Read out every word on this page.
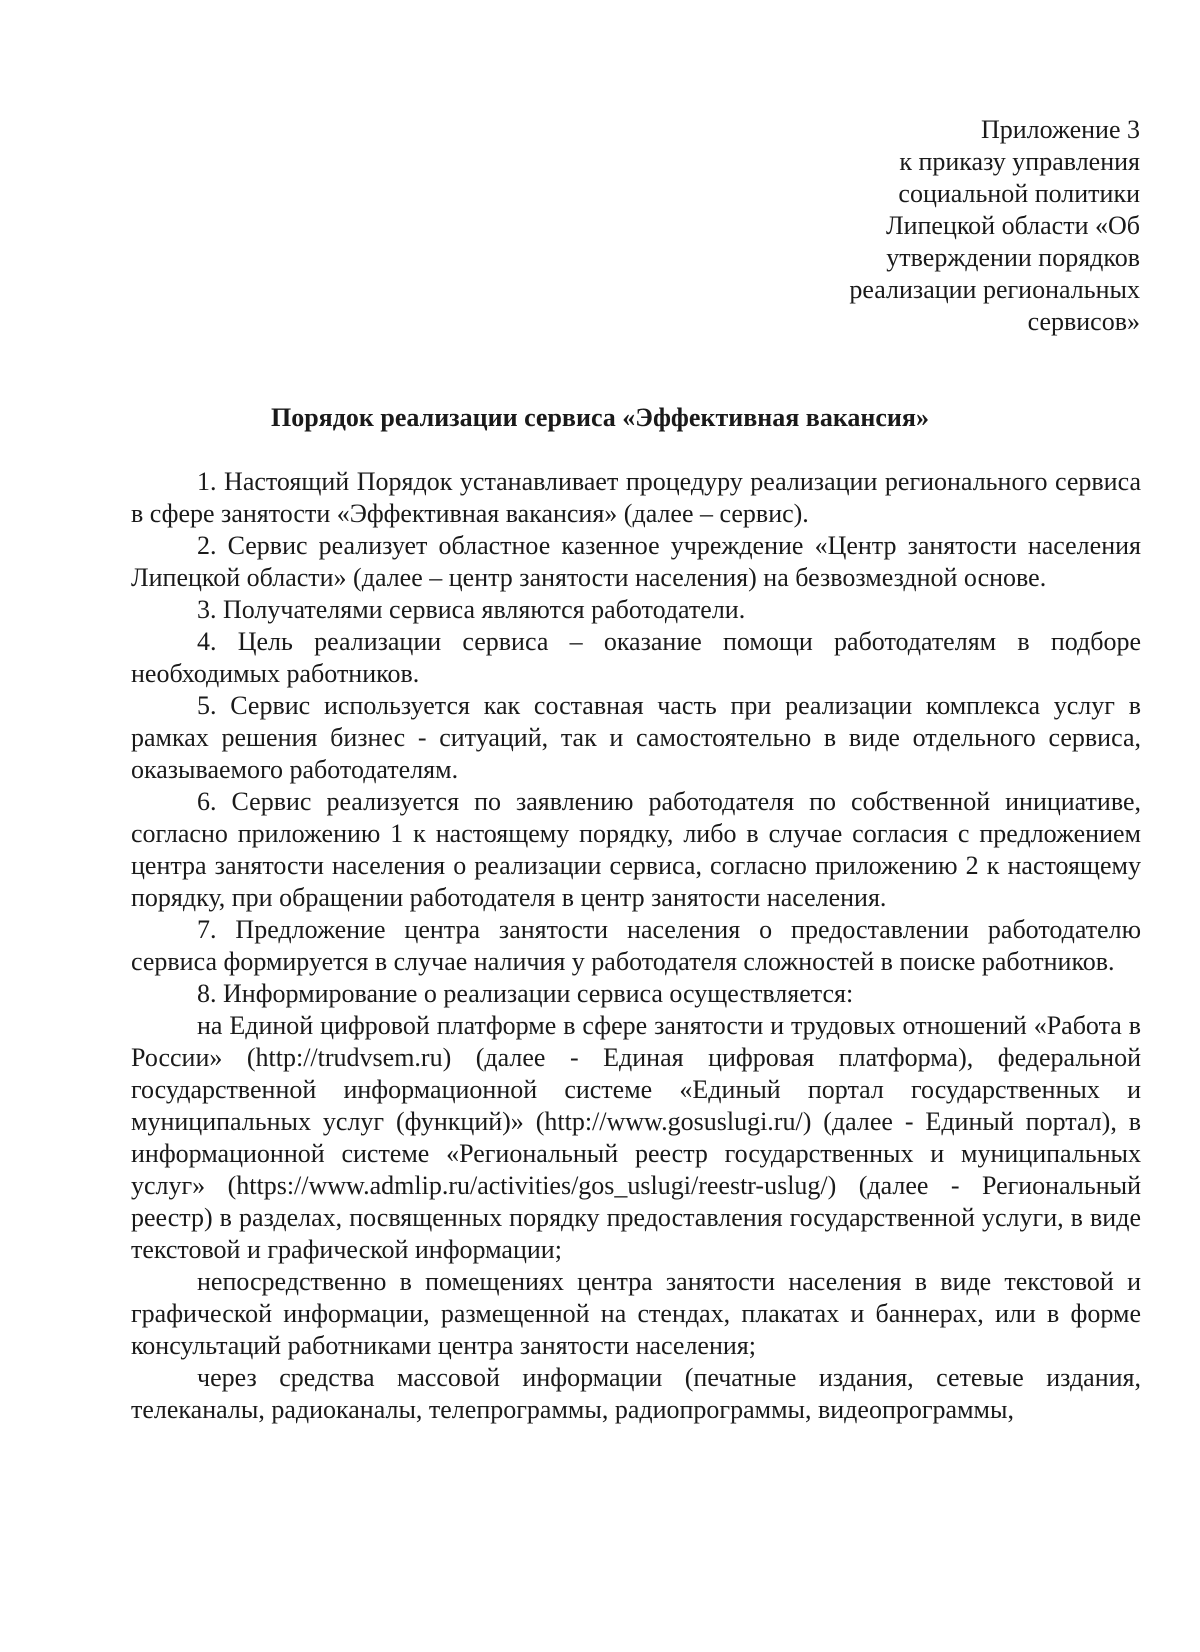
Приложение 3
к приказу управления
социальной политики
Липецкой области «Об
утверждении порядков
реализации региональных
сервисов»
Порядок реализации сервиса «Эффективная вакансия»

1. Настоящий Порядок устанавливает процедуру реализации регионального сервиса в сфере занятости «Эффективная вакансия» (далее – сервис).

2. Сервис реализует областное казенное учреждение «Центр занятости населения Липецкой области» (далее – центр занятости населения) на безвозмездной основе.

3. Получателями сервиса являются работодатели.

4. Цель реализации сервиса – оказание помощи работодателям в подборе необходимых работников.

5. Сервис используется как составная часть при реализации комплекса услуг в рамках решения бизнес - ситуаций, так и самостоятельно в виде отдельного сервиса, оказываемого работодателям.

6. Сервис реализуется по заявлению работодателя по собственной инициативе, согласно приложению 1 к настоящему порядку, либо в случае согласия с предложением центра занятости населения о реализации сервиса, согласно приложению 2 к настоящему порядку, при обращении работодателя в центр занятости населения.

7. Предложение центра занятости населения о предоставлении работодателю сервиса формируется в случае наличия у работодателя сложностей в поиске работников.

8. Информирование о реализации сервиса осуществляется:

на Единой цифровой платформе в сфере занятости и трудовых отношений «Работа в России» (http://trudvsem.ru) (далее - Единая цифровая платформа), федеральной государственной информационной системе «Единый портал государственных и муниципальных услуг (функций)» (http://www.gosuslugi.ru/) (далее - Единый портал), в информационной системе «Региональный реестр государственных и муниципальных услуг» (https://www.admlip.ru/activities/gos_uslugi/reestr-uslug/) (далее - Региональный реестр) в разделах, посвященных порядку предоставления государственной услуги, в виде текстовой и графической информации;

непосредственно в помещениях центра занятости населения в виде текстовой и графической информации, размещенной на стендах, плакатах и баннерах, или в форме консультаций работниками центра занятости населения;

через средства массовой информации (печатные издания, сетевые издания, телеканалы, радиоканалы, телепрограммы, радиопрограммы, видеопрограммы,
